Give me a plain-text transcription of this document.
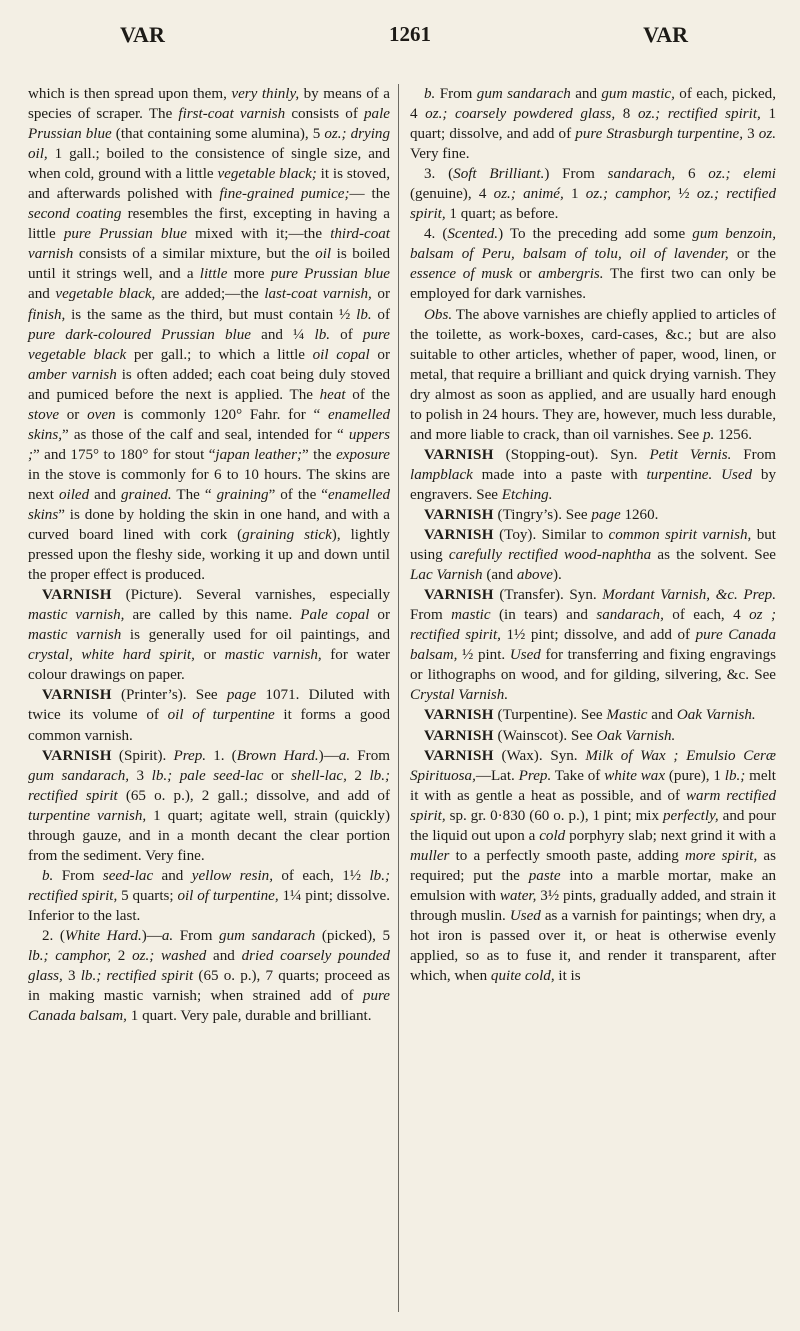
VAR	1261	VAR

which is then spread upon them, very thinly, by means of a species of scraper. The first-coat varnish consists of pale Prussian blue (that containing some alumina), 5 oz.; drying oil, 1 gall.; boiled to the consistence of single size, and when cold, ground with a little vegetable black; it is stoved, and afterwards polished with fine-grained pumice;— the second coating resembles the first, excepting in having a little pure Prussian blue mixed with it;—the third-coat varnish consists of a similar mixture, but the oil is boiled until it strings well, and a little more pure Prussian blue and vegetable black, are added;—the last-coat varnish, or finish, is the same as the third, but must contain ½ lb. of pure dark-coloured Prussian blue and ¼ lb. of pure vegetable black per gall.; to which a little oil copal or amber varnish is often added; each coat being duly stoved and pumiced before the next is applied. The heat of the stove or oven is commonly 120° Fahr. for “ enamelled skins,” as those of the calf and seal, intended for “ uppers ;” and 175° to 180° for stout “japan leather;” the exposure in the stove is commonly for 6 to 10 hours. The skins are next oiled and grained. The “ graining” of the “enamelled skins” is done by holding the skin in one hand, and with a curved board lined with cork (graining stick), lightly pressed upon the fleshy side, working it up and down until the proper effect is produced.

VARNISH (Picture). Several varnishes, especially mastic varnish, are called by this name. Pale copal or mastic varnish is generally used for oil paintings, and crystal, white hard spirit, or mastic varnish, for water colour drawings on paper.

VARNISH (Printer’s). See page 1071. Diluted with twice its volume of oil of turpentine it forms a good common varnish.

VARNISH (Spirit). Prep. 1. (Brown Hard.)—a. From gum sandarach, 3 lb.; pale seed-lac or shell-lac, 2 lb.; rectified spirit (65 o. p.), 2 gall.; dissolve, and add of turpentine varnish, 1 quart; agitate well, strain (quickly) through gauze, and in a month decant the clear portion from the sediment. Very fine.

b. From seed-lac and yellow resin, of each, 1½ lb.; rectified spirit, 5 quarts; oil of turpentine, 1¼ pint; dissolve. Inferior to the last.

2. (White Hard.)—a. From gum sandarach (picked), 5 lb.; camphor, 2 oz.; washed and dried coarsely pounded glass, 3 lb.; rectified spirit (65 o. p.), 7 quarts; proceed as in making mastic varnish; when strained add of pure Canada balsam, 1 quart. Very pale, durable and brilliant.

b. From gum sandarach and gum mastic, of each, picked, 4 oz.; coarsely powdered glass, 8 oz.; rectified spirit, 1 quart; dissolve, and add of pure Strasburgh turpentine, 3 oz. Very fine.

3. (Soft Brilliant.) From sandarach, 6 oz.; elemi (genuine), 4 oz.; animé, 1 oz.; camphor, ½ oz.; rectified spirit, 1 quart; as before.

4. (Scented.) To the preceding add some gum benzoin, balsam of Peru, balsam of tolu, oil of lavender, or the essence of musk or ambergris. The first two can only be employed for dark varnishes.

Obs. The above varnishes are chiefly applied to articles of the toilette, as work-boxes, card-cases, &c.; but are also suitable to other articles, whether of paper, wood, linen, or metal, that require a brilliant and quick drying varnish. They dry almost as soon as applied, and are usually hard enough to polish in 24 hours. They are, however, much less durable, and more liable to crack, than oil varnishes. See p. 1256.

VARNISH (Stopping-out). Syn. Petit Vernis. From lampblack made into a paste with turpentine. Used by engravers. See Etching.

VARNISH (Tingry’s). See page 1260.

VARNISH (Toy). Similar to common spirit varnish, but using carefully rectified wood-naphtha as the solvent. See Lac Varnish (and above).

VARNISH (Transfer). Syn. Mordant Varnish, &c. Prep. From mastic (in tears) and sandarach, of each, 4 oz ; rectified spirit, 1½ pint; dissolve, and add of pure Canada balsam, ½ pint. Used for transferring and fixing engravings or lithographs on wood, and for gilding, silvering, &c. See Crystal Varnish.

VARNISH (Turpentine). See Mastic and Oak Varnish.

VARNISH (Wainscot). See Oak Varnish.

VARNISH (Wax). Syn. Milk of Wax ; Emulsio Ceræ Spirituosa,—Lat. Prep. Take of white wax (pure), 1 lb.; melt it with as gentle a heat as possible, and of warm rectified spirit, sp. gr. 0·830 (60 o. p.), 1 pint; mix perfectly, and pour the liquid out upon a cold porphyry slab; next grind it with a muller to a perfectly smooth paste, adding more spirit, as required; put the paste into a marble mortar, make an emulsion with water, 3½ pints, gradually added, and strain it through muslin. Used as a varnish for paintings; when dry, a hot iron is passed over it, or heat is otherwise evenly applied, so as to fuse it, and render it transparent, after which, when quite cold, it is
